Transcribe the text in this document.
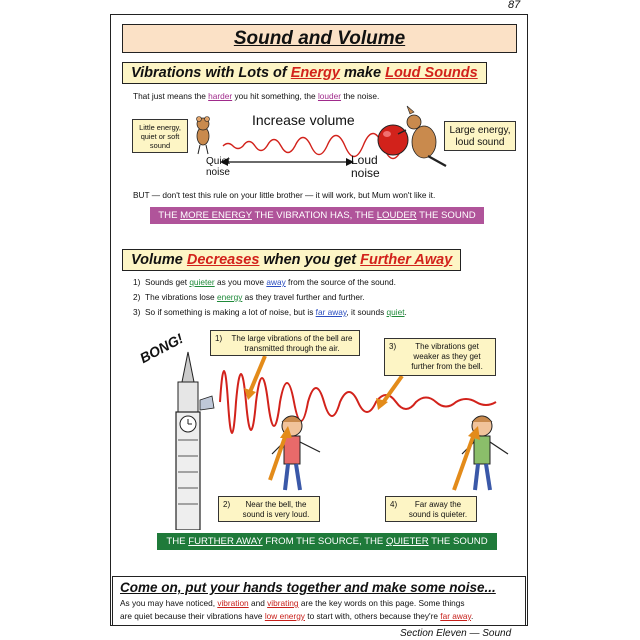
87
Sound and Volume
Vibrations with Lots of Energy make Loud Sounds
That just means the harder you hit something, the louder the noise.
Little energy, quiet or soft sound
Large energy, loud sound
Increase volume
Quiet noise
Loud noise
BUT — don't test this rule on your little brother — it will work, but Mum won't like it.
THE MORE ENERGY THE VIBRATION HAS, THE LOUDER THE SOUND
Volume Decreases when you get Further Away
1) Sounds get quieter as you move away from the source of the sound.
2) The vibrations lose energy as they travel further and further.
3) So if something is making a lot of noise, but is far away, it sounds quiet.
BONG!	1)	The large vibrations of the bell are transmitted through the air.	3)	The vibrations get weaker as they get further from the bell.
2)	Near the bell, the sound is very loud.
4)	Far away the sound is quieter.
THE FURTHER AWAY FROM THE SOURCE, THE QUIETER THE SOUND
Come on, put your hands together and make some noise...
As you may have noticed, vibration and vibrating are the key words on this page. Some things
are quiet because their vibrations have low energy to start with, others because they're far away.
Section Eleven — Sound
